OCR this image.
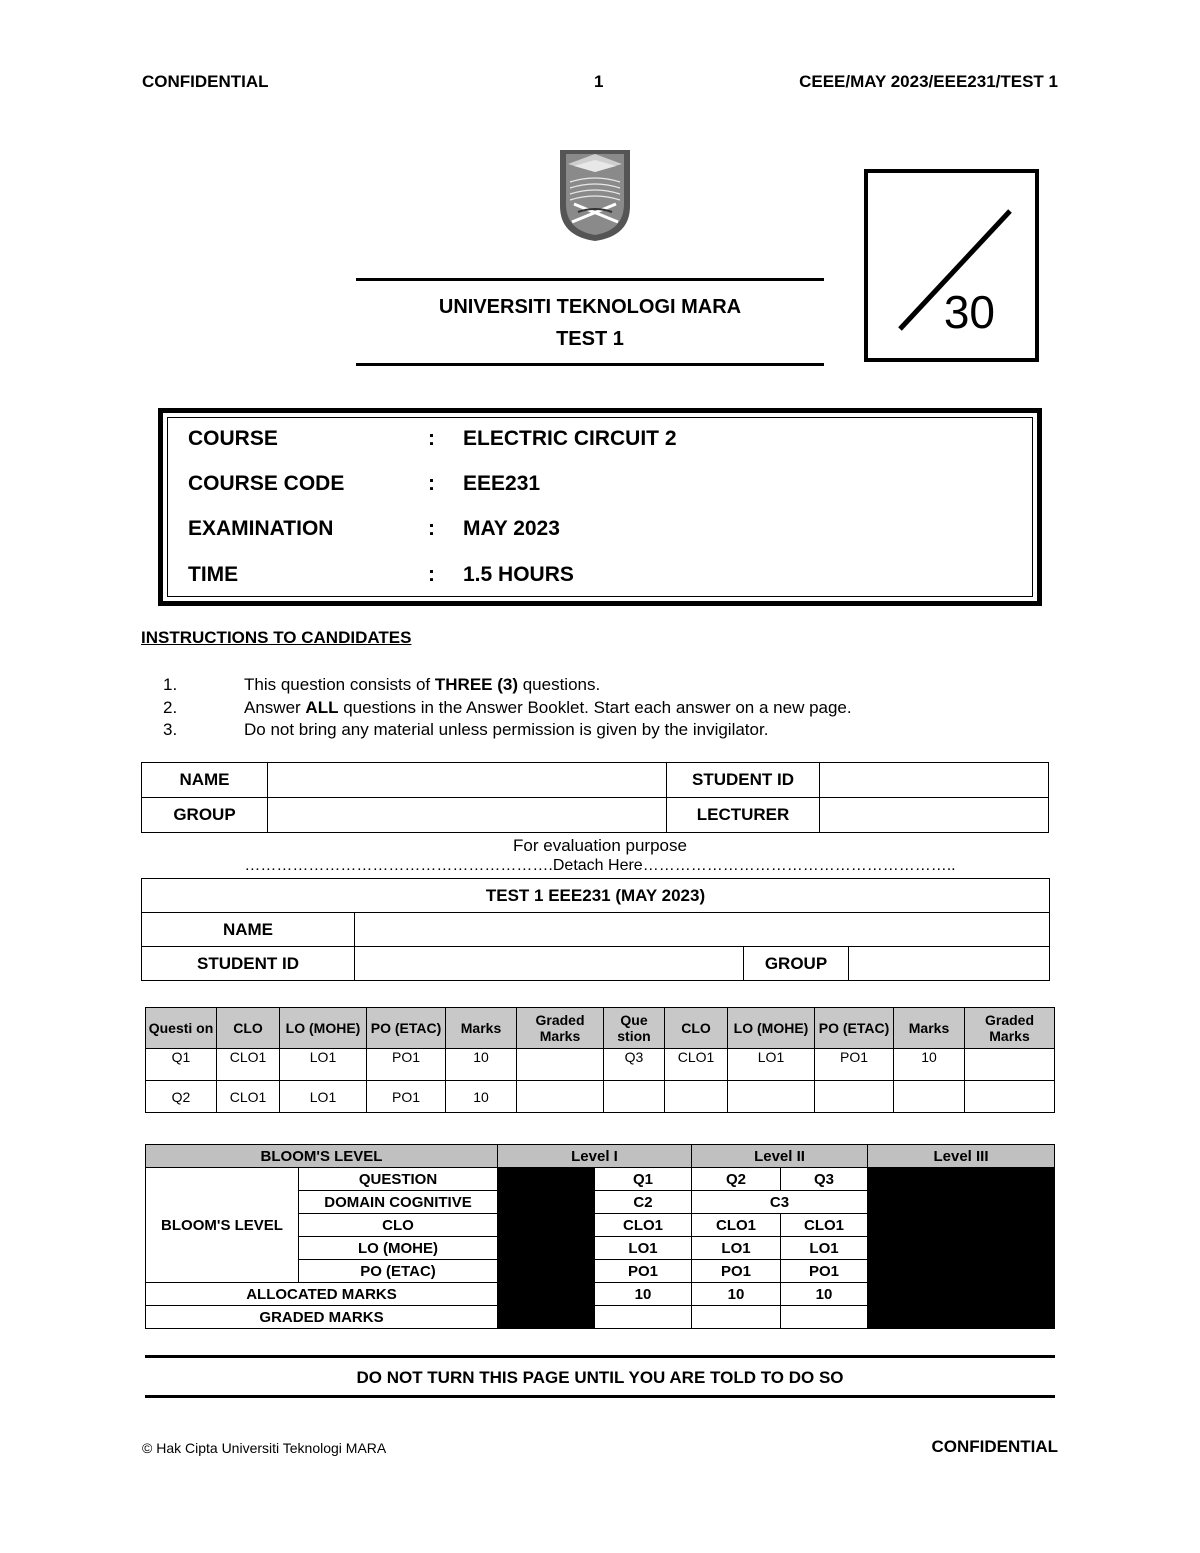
CONFIDENTIAL	1	CEEE/MAY 2023/EEE231/TEST 1
UNIVERSITI TEKNOLOGI MARA
TEST 1
30
COURSE	: ELECTRIC CIRCUIT 2
COURSE CODE	: EEE231
EXAMINATION	: MAY 2023
TIME	: 1.5 HOURS
INSTRUCTIONS TO CANDIDATES
1.	This question consists of THREE (3) questions.
2.	Answer ALL questions in the Answer Booklet. Start each answer on a new page.
3.	Do not bring any material unless permission is given by the invigilator.
NAME		STUDENT ID	
GROUP		LECTURER	
For evaluation purpose
………………………………………………….Detach Here…………………………………………………..
TEST 1 EEE231 (MAY 2023)			
NAME			
STUDENT ID		GROUP	
Questi on	CLO	LO (MOHE)	PO (ETAC)	Marks	Graded Marks	Que stion	CLO	LO (MOHE)	PO (ETAC)	Marks	Graded Marks
Q1	CLO1	LO1	PO1	10		Q3	CLO1	LO1	PO1	10	
Q2	CLO1	LO1	PO1	10							
BLOOM'S LEVEL		Level I		Level II		Level III
BLOOM'S LEVEL	QUESTION		Q1	Q2	Q3	
	DOMAIN COGNITIVE		C2	C3		
	CLO		CLO1	CLO1	CLO1	
	LO (MOHE)		LO1	LO1	LO1	
	PO (ETAC)		PO1	PO1	PO1	
ALLOCATED MARKS			10	10	10	
GRADED MARKS						
DO NOT TURN THIS PAGE UNTIL YOU ARE TOLD TO DO SO
© Hak Cipta Universiti Teknologi MARA	CONFIDENTIAL
